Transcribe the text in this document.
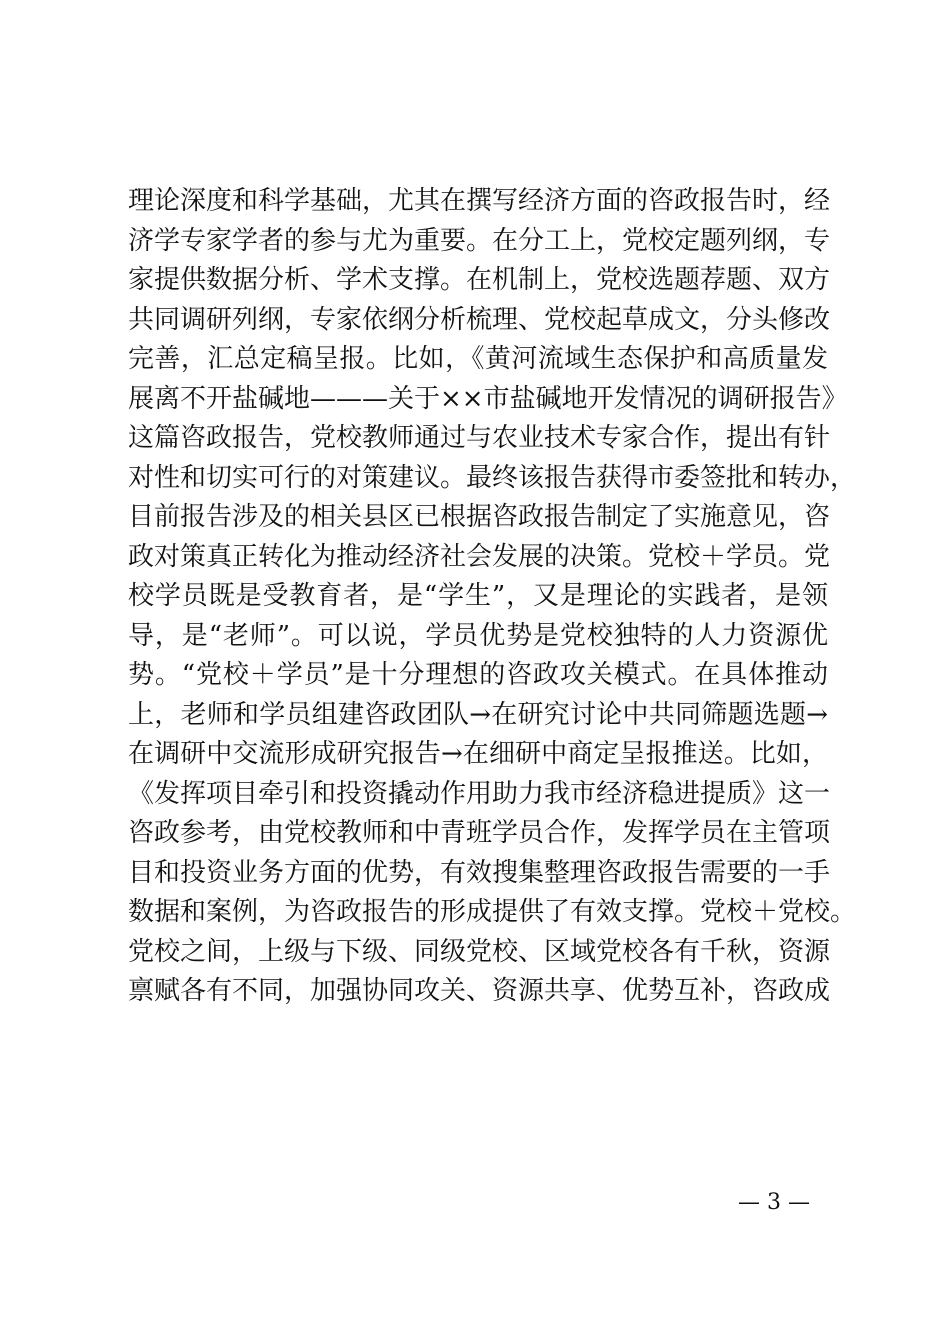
理论深度和科学基础，尤其在撰写经济方面的咨政报告时，经
济学专家学者的参与尤为重要。在分工上，党校定题列纲，专
家提供数据分析、学术支撑。在机制上，党校选题荐题、双方
共同调研列纲，专家依纲分析梳理、党校起草成文，分头修改
完善，汇总定稿呈报。比如，《黄河流域生态保护和高质量发
展离不开盐碱地———关于××市盐碱地开发情况的调研报告》
这篇咨政报告，党校教师通过与农业技术专家合作，提出有针
对性和切实可行的对策建议。最终该报告获得市委签批和转办，
目前报告涉及的相关县区已根据咨政报告制定了实施意见，咨
政对策真正转化为推动经济社会发展的决策。党校＋学员。党
校学员既是受教育者，是“学生”，又是理论的实践者，是领
导，是“老师”。可以说，学员优势是党校独特的人力资源优
势。“党校＋学员”是十分理想的咨政攻关模式。在具体推动
上，老师和学员组建咨政团队→在研究讨论中共同筛题选题→
在调研中交流形成研究报告→在细研中商定呈报推送。比如，
《发挥项目牵引和投资撬动作用助力我市经济稳进提质》这一
咨政参考，由党校教师和中青班学员合作，发挥学员在主管项
目和投资业务方面的优势，有效搜集整理咨政报告需要的一手
数据和案例，为咨政报告的形成提供了有效支撑。党校＋党校。
党校之间，上级与下级、同级党校、区域党校各有千秋，资源
禀赋各有不同，加强协同攻关、资源共享、优势互补，咨政成
— 3 —
